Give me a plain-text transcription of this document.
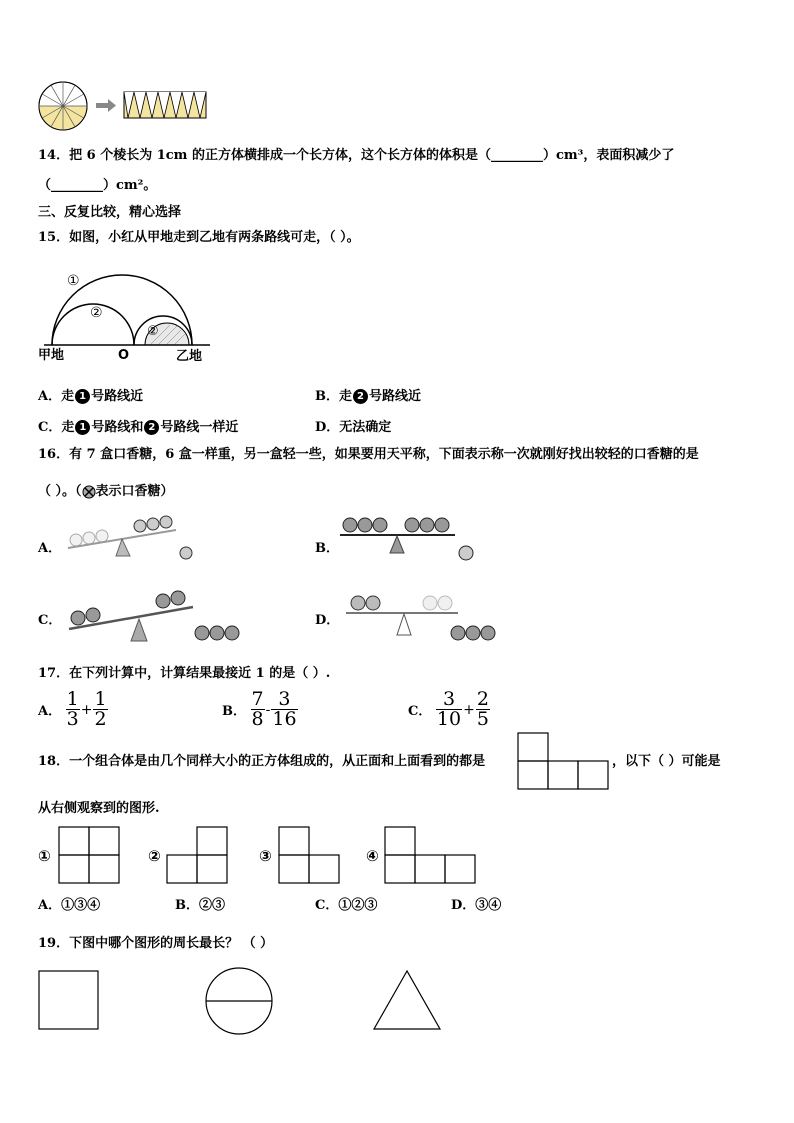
14．把 6 个棱长为 1cm 的正方体横排成一个长方体，这个长方体的体积是（________）cm³，表面积减少了
（________）cm²。
三、反复比较，精心选择
15．如图，小红从甲地走到乙地有两条路线可走，（ ）。
①
②
②
甲地	O	乙地
A．走 1 号路线近	B．走 2 号路线近
C．走 1 号路线和 2 号路线一样近	D．无法确定
16．有 7 盒口香糖，6 盒一样重，另一盒轻一些，如果要用天平称，下面表示称一次就刚好找出较轻的口香糖的是
（ ）。（ 表示口香糖）
A．	B．
C．	D．
17．在下列计算中，计算结果最接近 1 的是（ ）.
A． $\frac{1}{3} + \frac{1}{2}$	B． $\frac{7}{8} - \frac{3}{16}$	C． $\frac{3}{10} + \frac{2}{5}$
18．一个组合体是由几个同样大小的正方体组成的，从正面和上面看到的都是	，以下（ ）可能是
从右侧观察到的图形.
①	②	③	④
A．①③④	B．②③	C．①②③	D．③④
19．下图中哪个图形的周长最长？ （ ）
